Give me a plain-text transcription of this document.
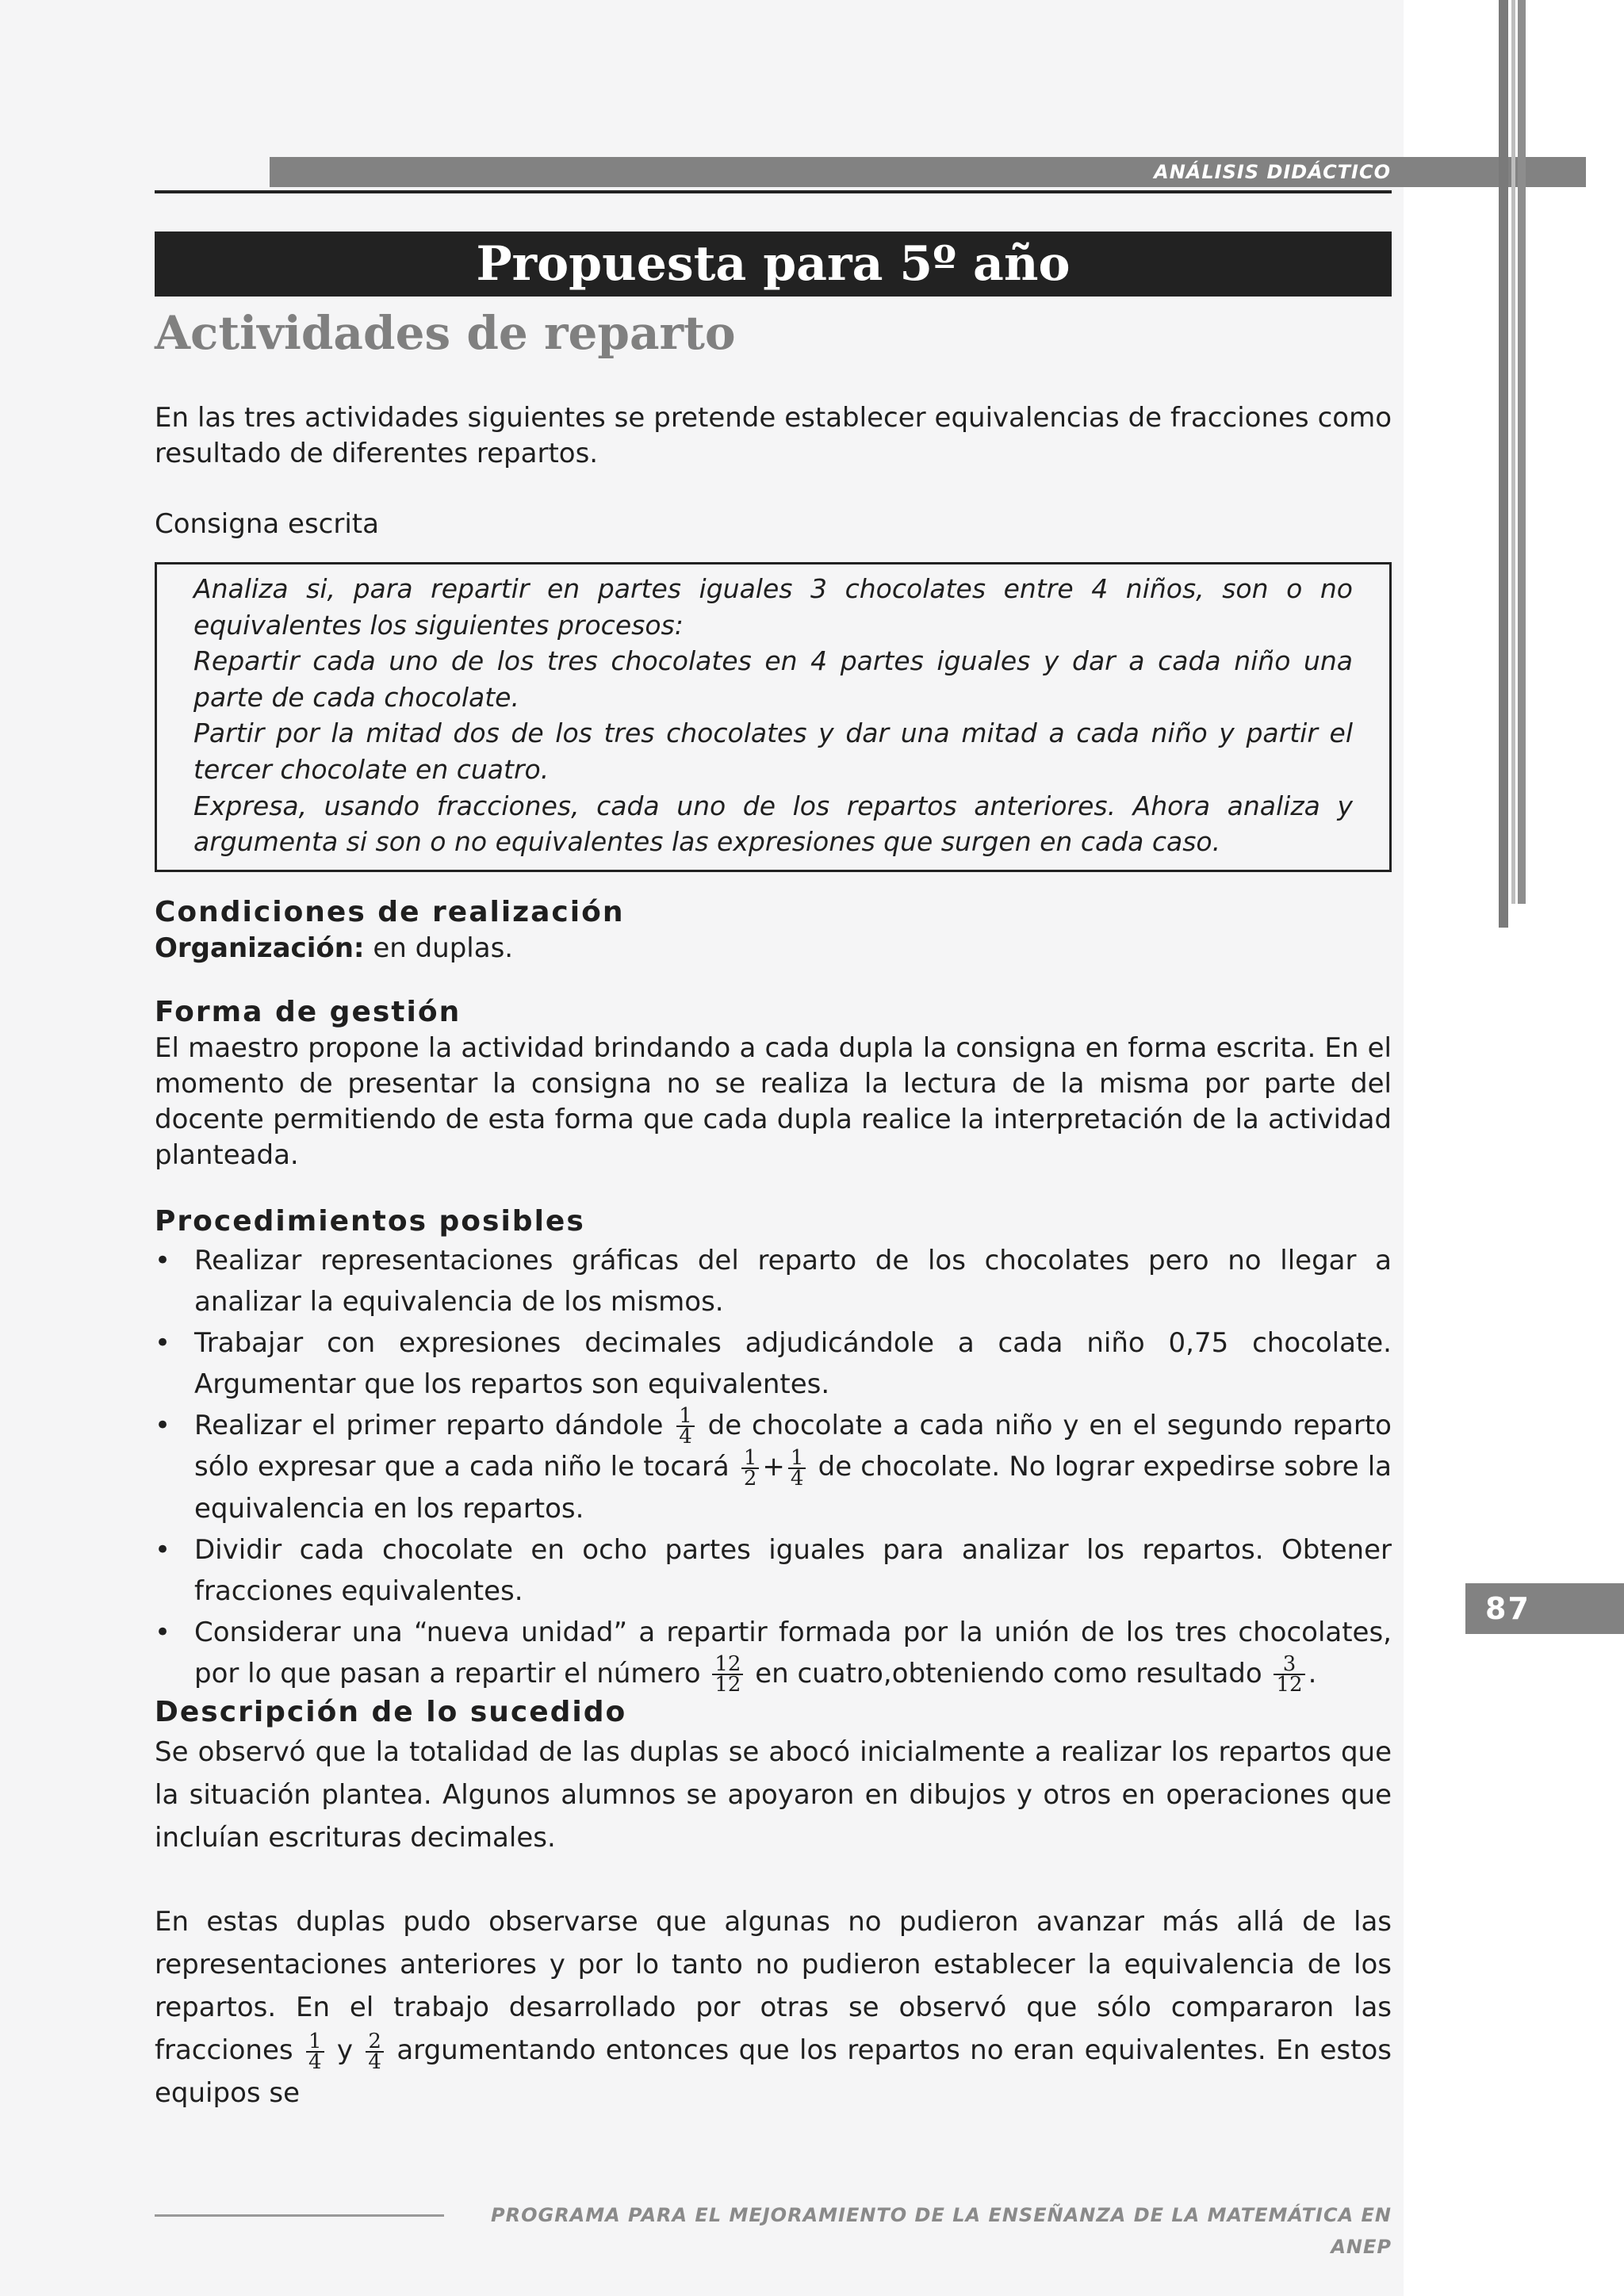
ANÁLISIS DIDÁCTICO
Propuesta para 5º año
Actividades de reparto

En las tres actividades siguientes se pretende establecer equivalencias de fracciones como resultado de diferentes repartos.

Consigna escrita

Analiza si, para repartir en partes iguales 3 chocolates entre 4 niños, son o no equivalentes los siguientes procesos:

Repartir cada uno de los tres chocolates en 4 partes iguales y dar a cada niño una parte de cada chocolate.

Partir por la mitad dos de los tres chocolates y dar una mitad a cada niño y partir el tercer chocolate en cuatro.

Expresa, usando fracciones, cada uno de los repartos anteriores. Ahora analiza y argumenta si son o no equivalentes las expresiones que surgen en cada caso.

Condiciones de realización

Organización: en duplas.

Forma de gestión

El maestro propone la actividad brindando a cada dupla la consigna en forma escrita. En el momento de presentar la consigna no se realiza la lectura de la misma por parte del docente permitiendo de esta forma que cada dupla realice la interpretación de la actividad planteada.

Procedimientos posibles
• Realizar representaciones gráficas del reparto de los chocolates pero no llegar a analizar la equivalencia de los mismos.
• Trabajar con expresiones decimales adjudicándole a cada niño 0,75 chocolate. Argumentar que los repartos son equivalentes.
• Realizar el primer reparto dándole $\frac{1}{4}$ de chocolate a cada niño y en el segundo reparto sólo expresar que a cada niño le tocará $\frac{1}{2} + \frac{1}{4}$ de chocolate. No lograr expedirse sobre la equivalencia en los repartos.
• Dividir cada chocolate en ocho partes iguales para analizar los repartos. Obtener fracciones equivalentes.
• Considerar una “nueva unidad” a repartir formada por la unión de los tres chocolates, por lo que pasan a repartir el número $\frac{12}{12}$ en cuatro,obteniendo como resultado $\frac{3}{12}$ .
Descripción de lo sucedido

Se observó que la totalidad de las duplas se abocó inicialmente a realizar los repartos que la situación plantea. Algunos alumnos se apoyaron en dibujos y otros en operaciones que incluían escrituras decimales.

En estas duplas pudo observarse que algunas no pudieron avanzar más allá de las representaciones anteriores y por lo tanto no pudieron establecer la equivalencia de los repartos. En el trabajo desarrollado por otras se observó que sólo compararon las fracciones $\frac{1}{4}$ y $\frac{2}{4}$ argumentando entonces que los repartos no eran equivalentes. En estos equipos se

87
PROGRAMA PARA EL MEJORAMIENTO DE LA ENSEÑANZA DE LA MATEMÁTICA EN ANEP
